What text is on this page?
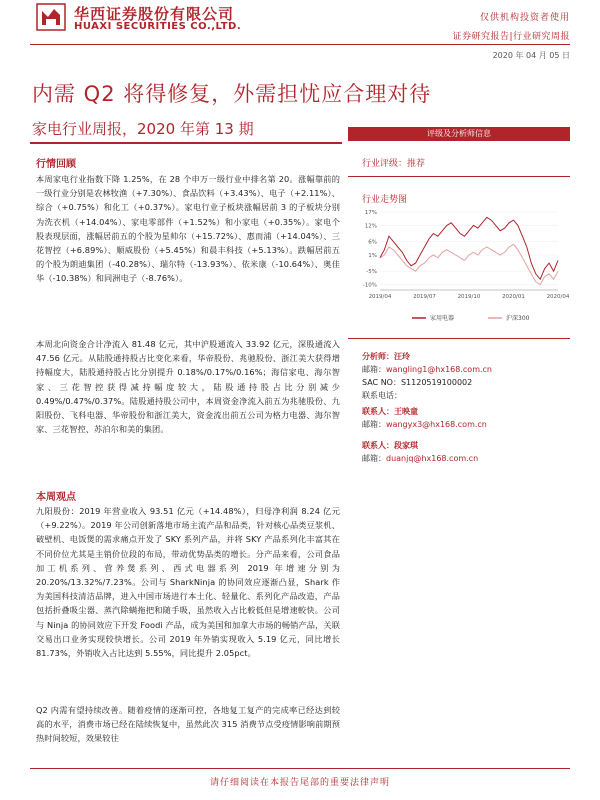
华西证券股份有限公司
HUAXI SECURITIES CO.,LTD.
仅供机构投资者使用
证券研究报告|行业研究周报
2020 年 04 月 05 日
内需 Q2 将得修复，外需担忧应合理对待
家电行业周报，2020 年第 13 期	评级及分析师信息
行业评级：推荐
行业走势图
17%
12%
6%
1%
-5%
-10%
2019/04	2019/07	2019/10	2020/01	2020/04
家用电器	沪深300
分析师：汪玲
邮箱：wangling1@hx168.com.cn
SAC NO：S1120519100002
联系电话：
联系人：王映童
邮箱：wangyx3@hx168.com.cn
联系人：段家琪
邮箱：duanjq@hx168.com.cn
行情回顾
本周家电行业指数下降 1.25%，在 28 个申万一级行业中排名第 20。涨幅靠前的一级行业分别是农林牧渔（+7.30%）、食品饮料（+3.43%）、电子（+2.11%）、综合（+0.75%）和化工（+0.37%）。家电行业子板块涨幅居前 3 的子板块分别为洗衣机（+14.04%）、家电零部件（+1.52%）和小家电（+0.35%）。家电个股表现层面，涨幅居前五的个股为星帅尔（+15.72%）、惠而浦（+14.04%）、三花智控（+6.89%）、顺威股份（+5.45%）和晨丰科技（+5.13%）。跌幅居前五的个股为朗迪集团（-40.28%）、瑞尔特（-13.93%）、依米康（-10.64%）、奥佳华（-10.38%）和同洲电子（-8.76%）。
本周北向资金合计净流入 81.48 亿元，其中沪股通流入 33.92 亿元，深股通流入 47.56 亿元。从陆股通持股占比变化来看，华帝股份、兆驰股份、浙江美大获得增持幅度大，陆股通持股占比分别提升 0.18%/0.17%/0.16%；海信家电、海尔智家、三花智控获得减持幅度较大，陆股通持股占比分别减少 0.49%/0.47%/0.37%。陆股通持股公司中，本周资金净流入前五为兆驰股份、九阳股份、飞科电器、华帝股份和浙江美大，资金流出前五公司为格力电器、海尔智家、三花智控、苏泊尔和美的集团。
本周观点
九阳股份：2019 年营业收入 93.51 亿元（+14.48%），归母净利润 8.24 亿元（+9.22%）。2019 年公司创新落地市场主流产品和品类，针对核心品类豆浆机、破壁机、电饭煲的需求痛点开发了 SKY 系列产品，并将 SKY 产品系列化丰富其在不同价位尤其是主销价位段的布局，带动优势品类的增长。分产品来看，公司食品加工机系列、营养煲系列、西式电器系列 2019 年增速分别为 20.20%/13.32%/7.23%。公司与 SharkNinja 的协同效应逐渐凸显，Shark 作为美国科技清洁品牌，进入中国市场进行本土化、轻量化、系列化产品改造，产品包括折叠吸尘器、蒸汽除螨拖把和随手吸，虽然收入占比較低但是增速較快。公司与 Ninja 的协同效应下开发 Foodi 产品，成为美国和加拿大市场的畅销产品，关联交易出口业务实现较快增长。公司 2019 年外销实现收入 5.19 亿元，同比增长 81.73%，外销收入占比达到 5.55%，同比提升 2.05pct。
Q2 内需有望持续改善。随着疫情的逐渐可控，各地复工复产的完成率已经达到较高的水平，消费市场已经在陆续恢复中，虽然此次 315 消费节点受疫情影响前期预热时间较短，效果较往
请仔细阅读在本报告尾部的重要法律声明
